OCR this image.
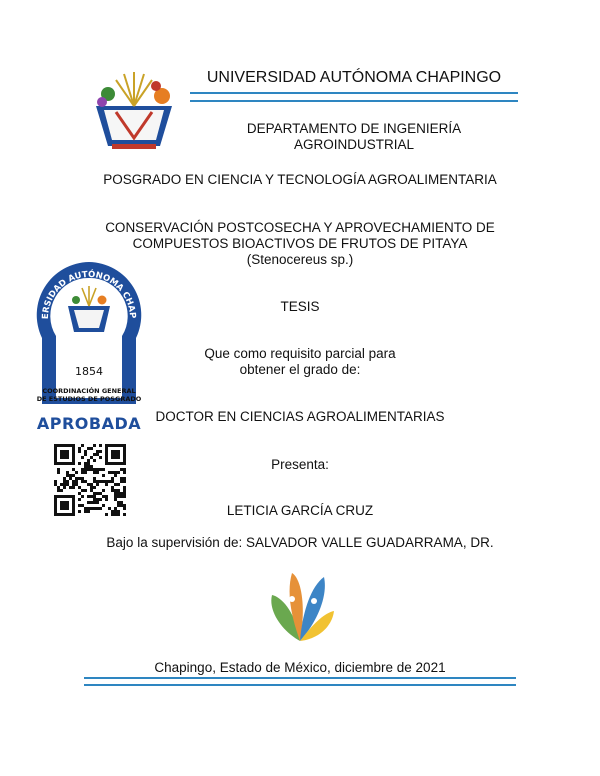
UNIVERSIDAD AUTÓNOMA CHAPINGO
DEPARTAMENTO DE INGENIERÍA
AGROINDUSTRIAL
POSGRADO EN CIENCIA Y TECNOLOGÍA AGROALIMENTARIA
CONSERVACIÓN POSTCOSECHA Y APROVECHAMIENTO DE
COMPUESTOS BIOACTIVOS DE FRUTOS DE PITAYA
(Stenocereus sp.)
TESIS
Que como requisito parcial para
obtener el grado de:
DOCTOR EN CIENCIAS AGROALIMENTARIAS
Presenta:
LETICIA GARCÍA CRUZ
Bajo la supervisión de: SALVADOR VALLE GUADARRAMA, DR.
Chapingo, Estado de México, diciembre de 2021
ERSIDAD AUTÓNOMA CHAP
1854
COORDINACIÓN GENERAL
DE ESTUDIOS DE POSGRADO
APROBADA
